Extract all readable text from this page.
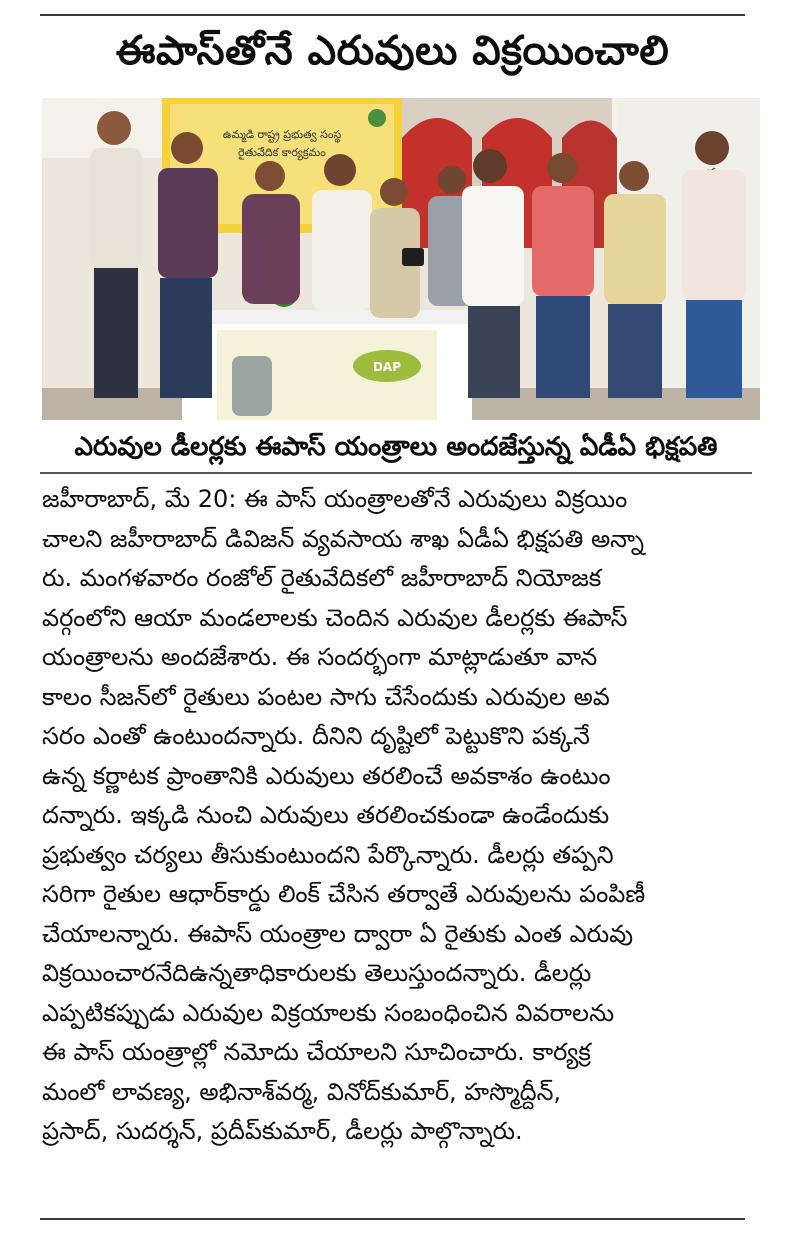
ఈపాస్‌తోనే ఎరువులు విక్రయించాలి
ఉమ్మడి రాష్ట్ర ప్రభుత్వ సంస్థ
రైతువేదిక కార్యక్రమం
DAP
ఎరువుల డీలర్లకు ఈపాస్ యంత్రాలు అందజేస్తున్న ఏడీఏ భిక్షపతి
జహీరాబాద్, మే 20: ఈ పాస్ యంత్రాలతోనే ఎరువులు విక్రయిం
చాలని జహీరాబాద్ డివిజన్ వ్యవసాయ శాఖ ఏడీఏ భిక్షపతి అన్నా
రు. మంగళవారం రంజోల్ రైతువేదికలో జహీరాబాద్ నియోజక
వర్గంలోని ఆయా మండలాలకు చెందిన ఎరువుల డీలర్లకు ఈపాస్
యంత్రాలను అందజేశారు. ఈ సందర్భంగా మాట్లాడుతూ వాన
కాలం సీజన్‌లో రైతులు పంటల సాగు చేసేందుకు ఎరువుల అవ
సరం ఎంతో ఉంటుందన్నారు. దీనిని దృష్టిలో పెట్టుకొని పక్కనే
ఉన్న కర్ణాటక ప్రాంతానికి ఎరువులు తరలించే అవకాశం ఉంటుం
దన్నారు. ఇక్కడి నుంచి ఎరువులు తరలించకుండా ఉండేందుకు
ప్రభుత్వం చర్యలు తీసుకుంటుందని పేర్కొన్నారు. డీలర్లు తప్పని
సరిగా రైతుల ఆధార్‌కార్డు లింక్ చేసిన తర్వాతే ఎరువులను పంపిణీ
చేయాలన్నారు. ఈపాస్ యంత్రాల ద్వారా ఏ రైతుకు ఎంత ఎరువు
విక్రయించారనేదిఉన్నతాధికారులకు తెలుస్తుందన్నారు. డీలర్లు
ఎప్పటికప్పుడు ఎరువుల విక్రయాలకు సంబంధించిన వివరాలను
ఈ పాస్ యంత్రాల్లో నమోదు చేయాలని సూచించారు. కార్యక్ర
మంలో లావణ్య, అభినాశ్‌వర్మ, వినోద్‌కుమార్, హస్మొద్దీన్,
ప్రసాద్, సుదర్శన్, ప్రదీప్‌కుమార్, డీలర్లు పాల్గొన్నారు.
